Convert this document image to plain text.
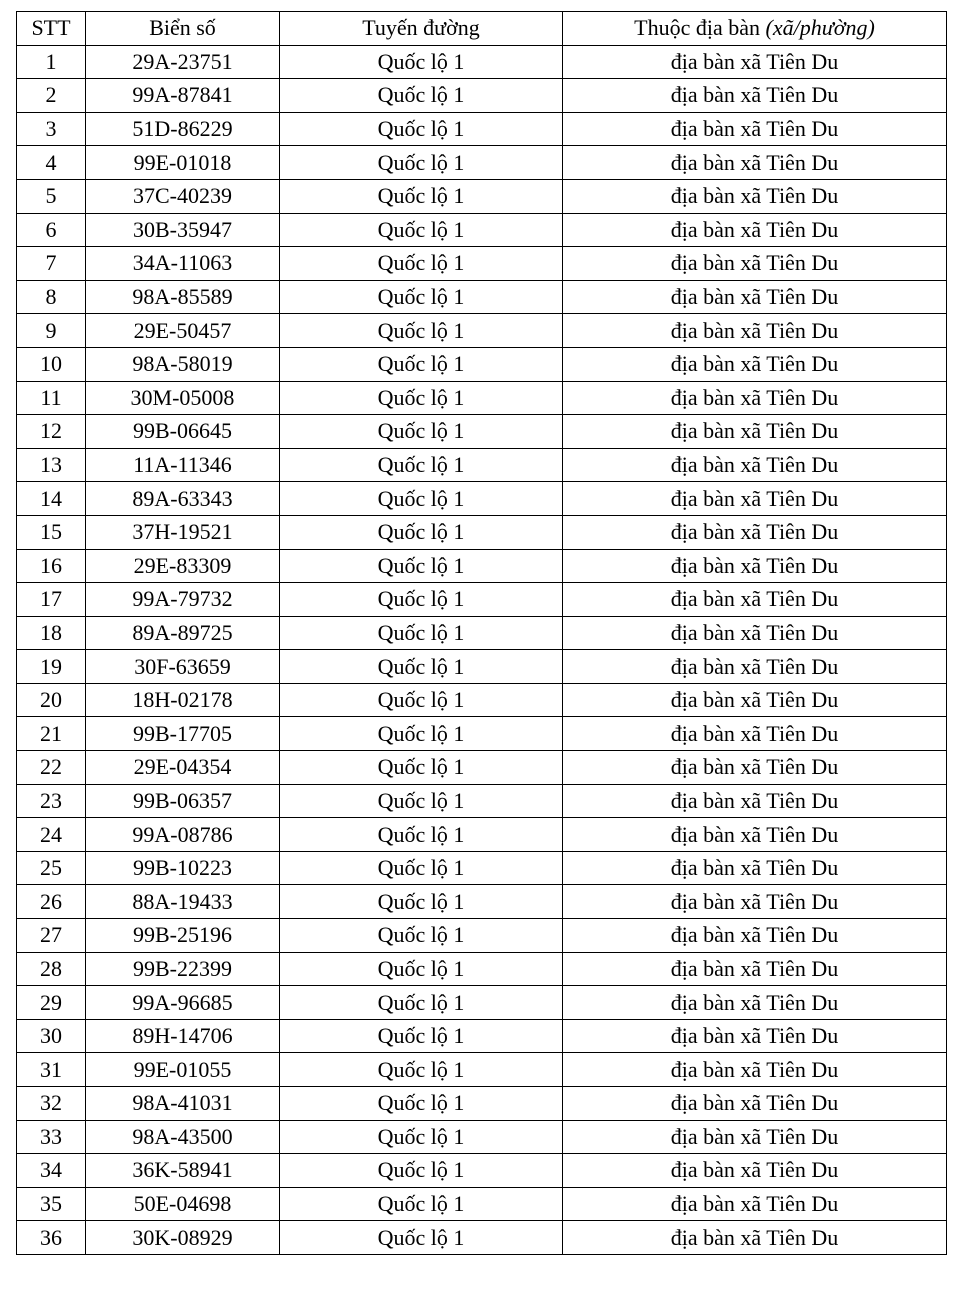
STT	Biển số	Tuyến đường	Thuộc địa bàn (xã/phường)
1	29A-23751	Quốc lộ 1	địa bàn xã Tiên Du
2	99A-87841	Quốc lộ 1	địa bàn xã Tiên Du
3	51D-86229	Quốc lộ 1	địa bàn xã Tiên Du
4	99E-01018	Quốc lộ 1	địa bàn xã Tiên Du
5	37C-40239	Quốc lộ 1	địa bàn xã Tiên Du
6	30B-35947	Quốc lộ 1	địa bàn xã Tiên Du
7	34A-11063	Quốc lộ 1	địa bàn xã Tiên Du
8	98A-85589	Quốc lộ 1	địa bàn xã Tiên Du
9	29E-50457	Quốc lộ 1	địa bàn xã Tiên Du
10	98A-58019	Quốc lộ 1	địa bàn xã Tiên Du
11	30M-05008	Quốc lộ 1	địa bàn xã Tiên Du
12	99B-06645	Quốc lộ 1	địa bàn xã Tiên Du
13	11A-11346	Quốc lộ 1	địa bàn xã Tiên Du
14	89A-63343	Quốc lộ 1	địa bàn xã Tiên Du
15	37H-19521	Quốc lộ 1	địa bàn xã Tiên Du
16	29E-83309	Quốc lộ 1	địa bàn xã Tiên Du
17	99A-79732	Quốc lộ 1	địa bàn xã Tiên Du
18	89A-89725	Quốc lộ 1	địa bàn xã Tiên Du
19	30F-63659	Quốc lộ 1	địa bàn xã Tiên Du
20	18H-02178	Quốc lộ 1	địa bàn xã Tiên Du
21	99B-17705	Quốc lộ 1	địa bàn xã Tiên Du
22	29E-04354	Quốc lộ 1	địa bàn xã Tiên Du
23	99B-06357	Quốc lộ 1	địa bàn xã Tiên Du
24	99A-08786	Quốc lộ 1	địa bàn xã Tiên Du
25	99B-10223	Quốc lộ 1	địa bàn xã Tiên Du
26	88A-19433	Quốc lộ 1	địa bàn xã Tiên Du
27	99B-25196	Quốc lộ 1	địa bàn xã Tiên Du
28	99B-22399	Quốc lộ 1	địa bàn xã Tiên Du
29	99A-96685	Quốc lộ 1	địa bàn xã Tiên Du
30	89H-14706	Quốc lộ 1	địa bàn xã Tiên Du
31	99E-01055	Quốc lộ 1	địa bàn xã Tiên Du
32	98A-41031	Quốc lộ 1	địa bàn xã Tiên Du
33	98A-43500	Quốc lộ 1	địa bàn xã Tiên Du
34	36K-58941	Quốc lộ 1	địa bàn xã Tiên Du
35	50E-04698	Quốc lộ 1	địa bàn xã Tiên Du
36	30K-08929	Quốc lộ 1	địa bàn xã Tiên Du
